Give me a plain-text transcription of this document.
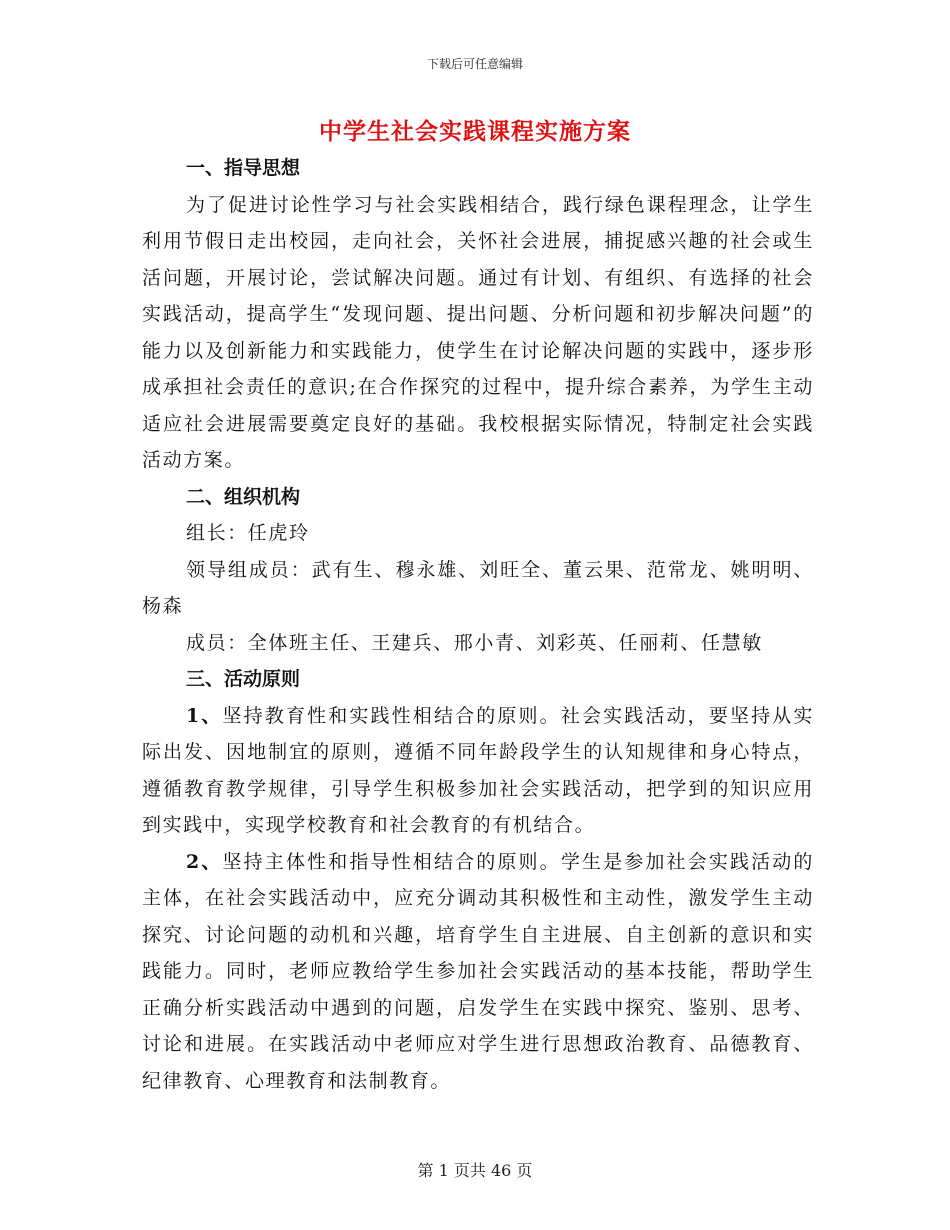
下载后可任意编辑
中学生社会实践课程实施方案

一、指导思想

为了促进讨论性学习与社会实践相结合，践行绿色课程理念，让学生利用节假日走出校园，走向社会，关怀社会进展，捕捉感兴趣的社会或生活问题，开展讨论，尝试解决问题。通过有计划、有组织、有选择的社会实践活动，提高学生“发现问题、提出问题、分析问题和初步解决问题”的能力以及创新能力和实践能力，使学生在讨论解决问题的实践中，逐步形成承担社会责任的意识;在合作探究的过程中，提升综合素养，为学生主动适应社会进展需要奠定良好的基础。我校根据实际情况，特制定社会实践活动方案。

二、组织机构

组长：任虎玲

领导组成员：武有生、穆永雄、刘旺全、董云果、范常龙、姚明明、杨森

成员：全体班主任、王建兵、邢小青、刘彩英、任丽莉、任慧敏

三、活动原则

1、坚持教育性和实践性相结合的原则。社会实践活动，要坚持从实际出发、因地制宜的原则，遵循不同年龄段学生的认知规律和身心特点，遵循教育教学规律，引导学生积极参加社会实践活动，把学到的知识应用到实践中，实现学校教育和社会教育的有机结合。

2、坚持主体性和指导性相结合的原则。学生是参加社会实践活动的主体，在社会实践活动中，应充分调动其积极性和主动性，激发学生主动探究、讨论问题的动机和兴趣，培育学生自主进展、自主创新的意识和实践能力。同时，老师应教给学生参加社会实践活动的基本技能，帮助学生正确分析实践活动中遇到的问题，启发学生在实践中探究、鉴别、思考、讨论和进展。在实践活动中老师应对学生进行思想政治教育、品德教育、纪律教育、心理教育和法制教育。

第 1 页共 46 页
